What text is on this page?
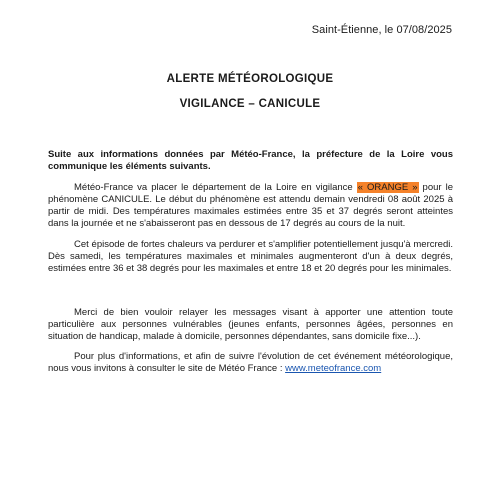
Saint-Étienne, le 07/08/2025
ALERTE MÉTÉOROLOGIQUE
VIGILANCE – CANICULE
Suite aux informations données par Météo-France, la préfecture de la Loire vous communique les éléments suivants.

Météo-France va placer le département de la Loire en vigilance « ORANGE » pour le phénomène CANICULE. Le début du phénomène est attendu demain vendredi 08 août 2025 à partir de midi. Des températures maximales estimées entre 35 et 37 degrés seront atteintes dans la journée et ne s'abaisseront pas en dessous de 17 degrés au cours de la nuit.

Cet épisode de fortes chaleurs va perdurer et s'amplifier potentiellement jusqu'à mercredi. Dès samedi, les températures maximales et minimales augmenteront d'un à deux degrés, estimées entre 36 et 38 degrés pour les maximales et entre 18 et 20 degrés pour les minimales.

Merci de bien vouloir relayer les messages visant à apporter une attention toute particulière aux personnes vulnérables (jeunes enfants, personnes âgées, personnes en situation de handicap, malade à domicile, personnes dépendantes, sans domicile fixe...).

Pour plus d'informations, et afin de suivre l'évolution de cet événement météorologique, nous vous invitons à consulter le site de Météo France : www.meteofrance.com
